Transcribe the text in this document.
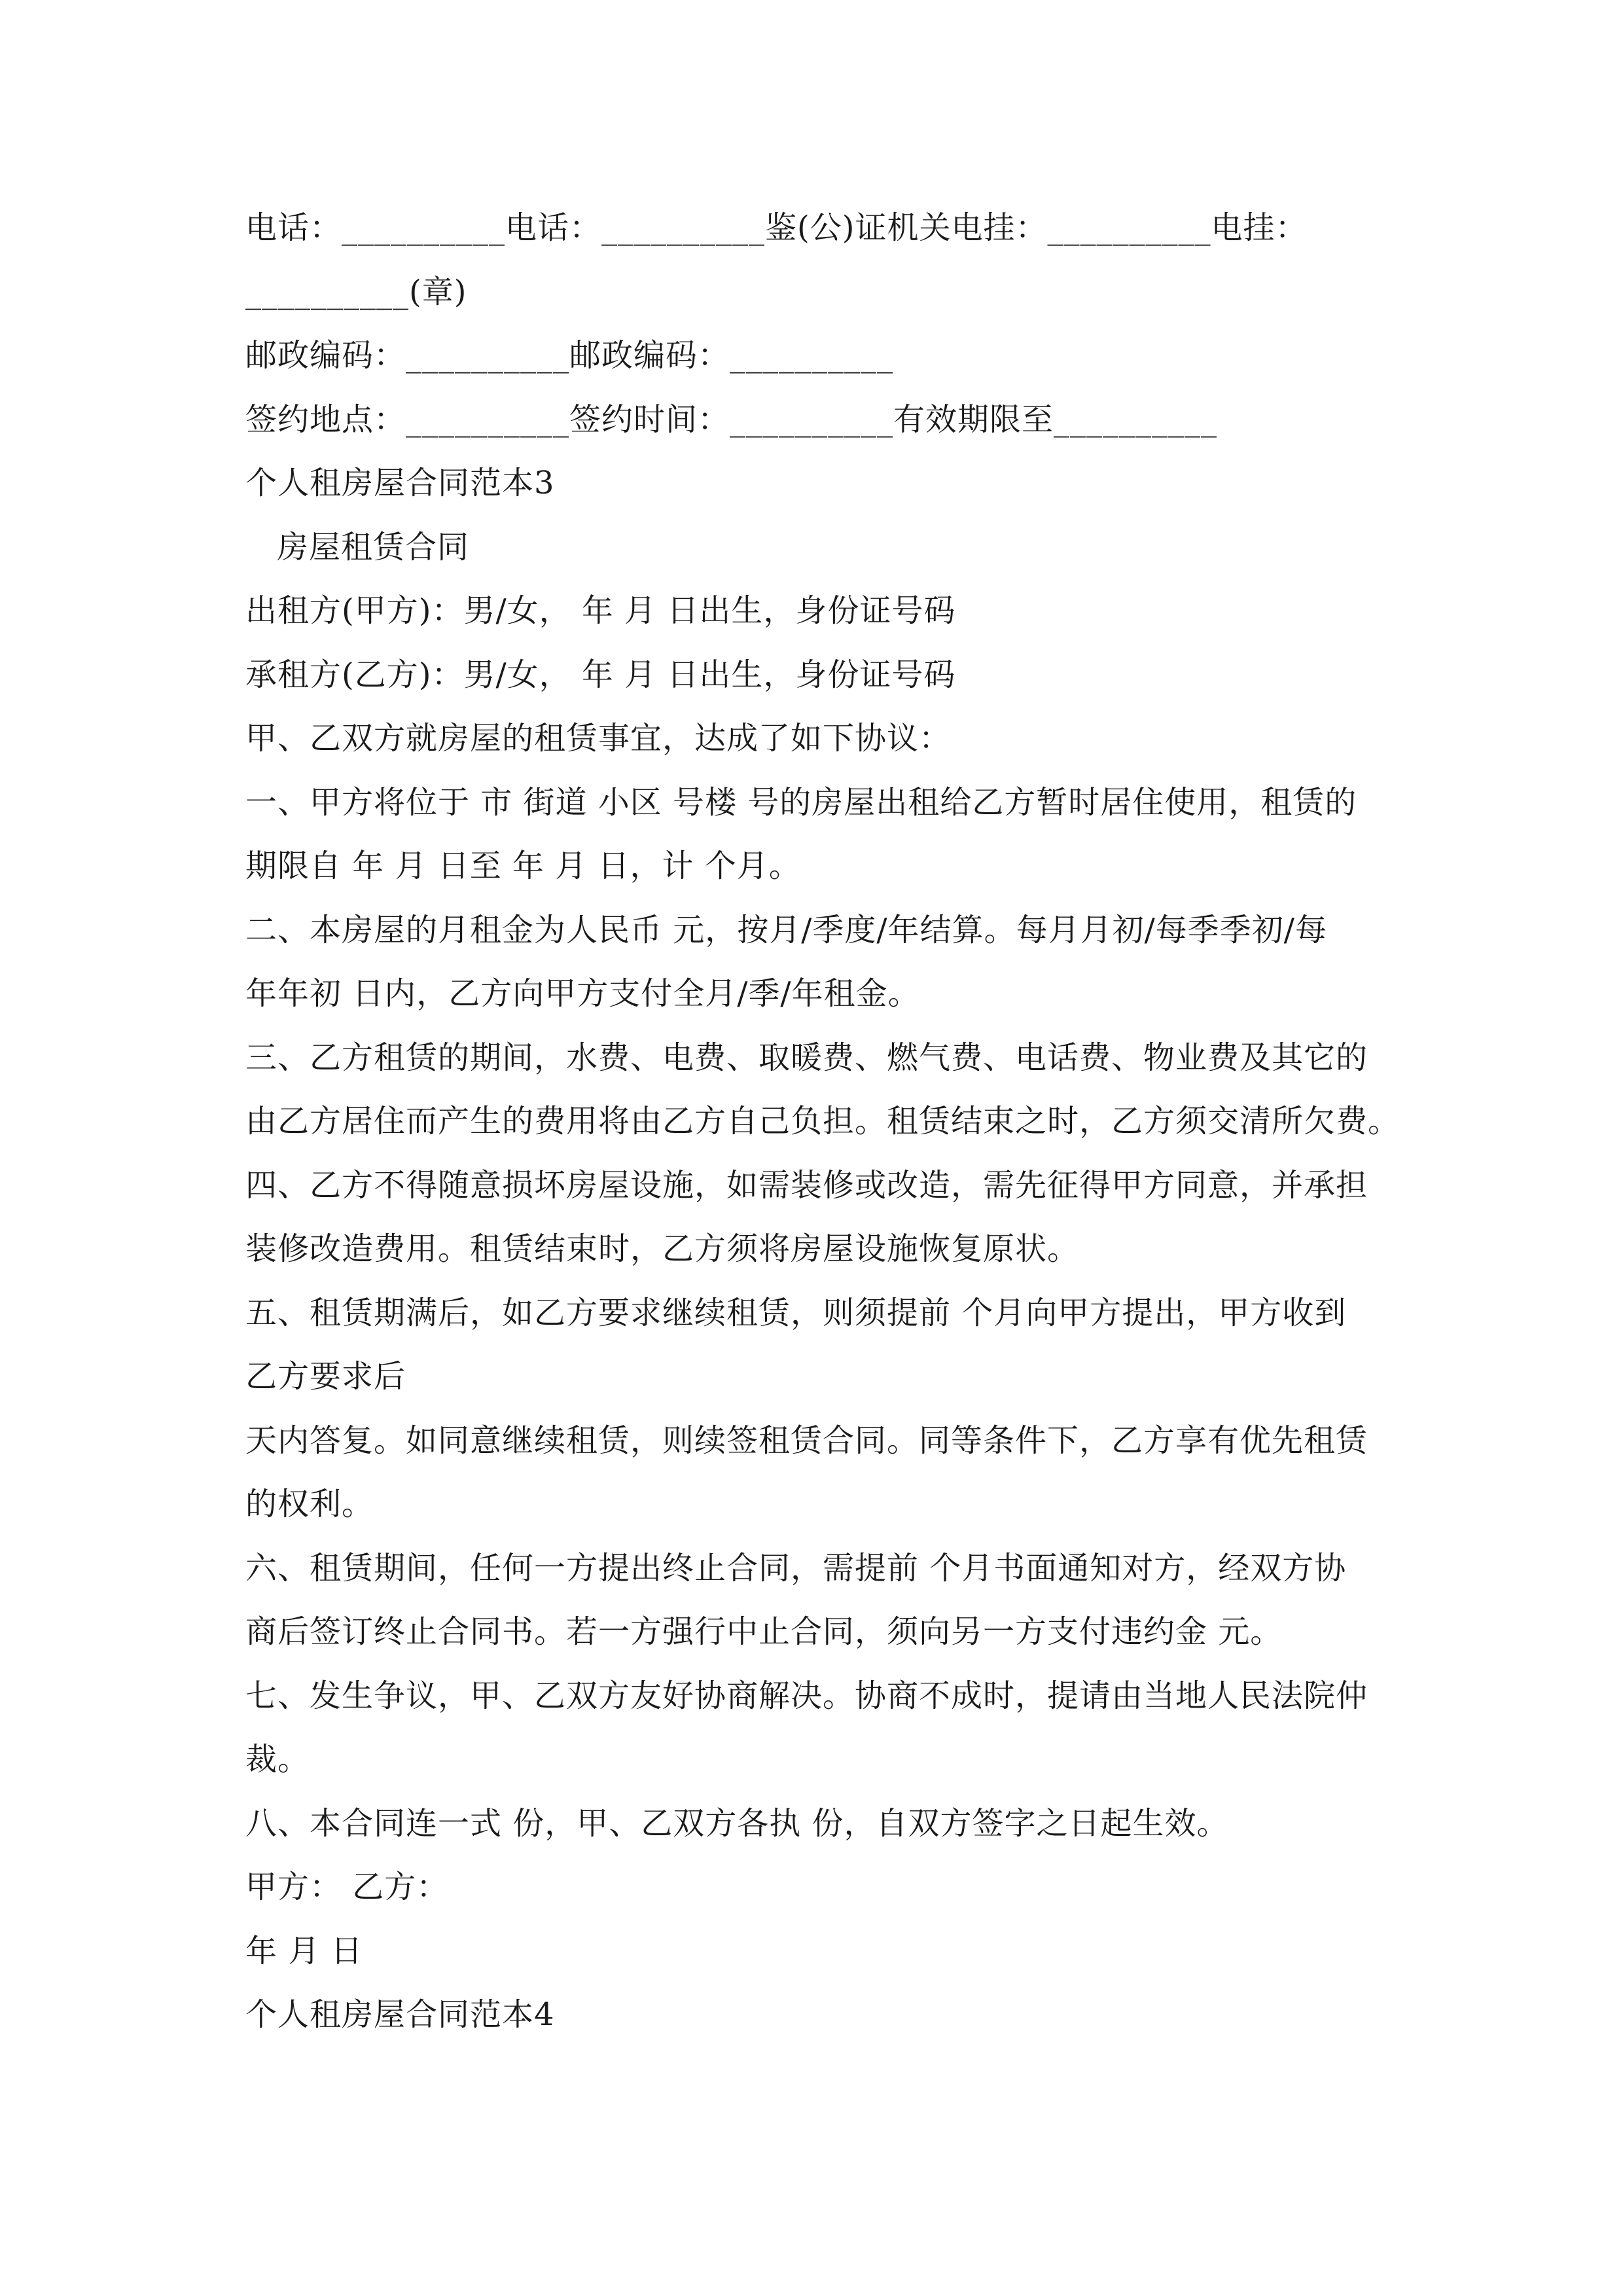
电话：__________电话：__________鉴(公)证机关电挂：__________电挂：
__________(章)
邮政编码：__________邮政编码：__________
签约地点：__________签约时间：__________有效期限至__________
个人租房屋合同范本3
房屋租赁合同
出租方(甲方)：男/女， 年 月 日出生，身份证号码
承租方(乙方)：男/女， 年 月 日出生，身份证号码
甲、乙双方就房屋的租赁事宜，达成了如下协议：
一、甲方将位于 市 街道 小区 号楼 号的房屋出租给乙方暂时居住使用，租赁的
期限自 年 月 日至 年 月 日，计 个月。
二、本房屋的月租金为人民币 元，按月/季度/年结算。每月月初/每季季初/每
年年初 日内，乙方向甲方支付全月/季/年租金。
三、乙方租赁的期间，水费、电费、取暖费、燃气费、电话费、物业费及其它的
由乙方居住而产生的费用将由乙方自己负担。租赁结束之时，乙方须交清所欠费。
四、乙方不得随意损坏房屋设施，如需装修或改造，需先征得甲方同意，并承担
装修改造费用。租赁结束时，乙方须将房屋设施恢复原状。
五、租赁期满后，如乙方要求继续租赁，则须提前 个月向甲方提出，甲方收到
乙方要求后
天内答复。如同意继续租赁，则续签租赁合同。同等条件下，乙方享有优先租赁
的权利。
六、租赁期间，任何一方提出终止合同，需提前 个月书面通知对方，经双方协
商后签订终止合同书。若一方强行中止合同，须向另一方支付违约金 元。
七、发生争议，甲、乙双方友好协商解决。协商不成时，提请由当地人民法院仲
裁。
八、本合同连一式 份，甲、乙双方各执 份，自双方签字之日起生效。
甲方： 乙方：
年 月 日
个人租房屋合同范本4
